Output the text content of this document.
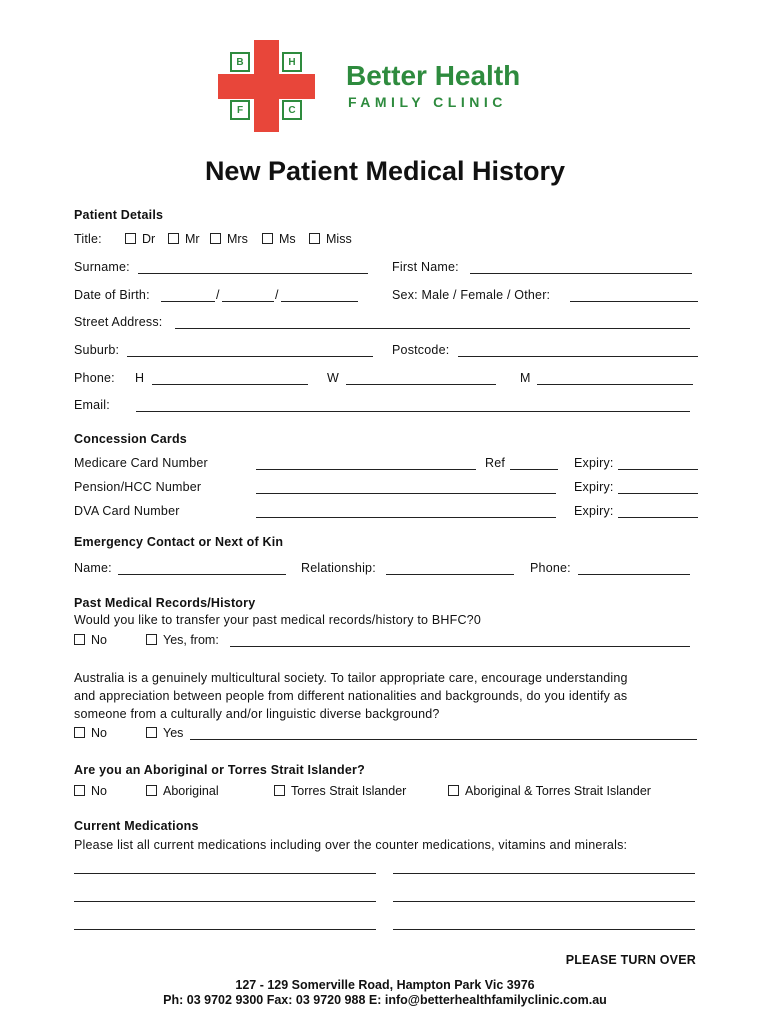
B	H
F	C
Better Health
FAMILY CLINIC
New Patient Medical History
Patient Details
Title:	Dr	Mr	Mrs	Ms	Miss
Surname:	First Name:
Date of Birth:	/	/	Sex: Male / Female / Other:
Street Address:
Suburb:	Postcode:
Phone: H	W	M
Email:
Concession Cards
Medicare Card Number	Ref	Expiry:
Pension/HCC Number	Expiry:
DVA Card Number	Expiry:
Emergency Contact or Next of Kin
Name:	Relationship:	Phone:
Past Medical Records/History
Would you like to transfer your past medical records/history to BHFC?0
No	Yes, from:
Australia is a genuinely multicultural society. To tailor appropriate care, encourage understanding
and appreciation between people from different nationalities and backgrounds, do you identify as
someone from a culturally and/or linguistic diverse background?
No	Yes
Are you an Aboriginal or Torres Strait Islander?
No	Aboriginal	Torres Strait Islander	Aboriginal & Torres Strait Islander
Current Medications
Please list all current medications including over the counter medications, vitamins and minerals:
PLEASE TURN OVER
127 - 129 Somerville Road, Hampton Park Vic 3976
Ph: 03 9702 9300 Fax: 03 9720 988 E: info@betterhealthfamilyclinic.com.au
